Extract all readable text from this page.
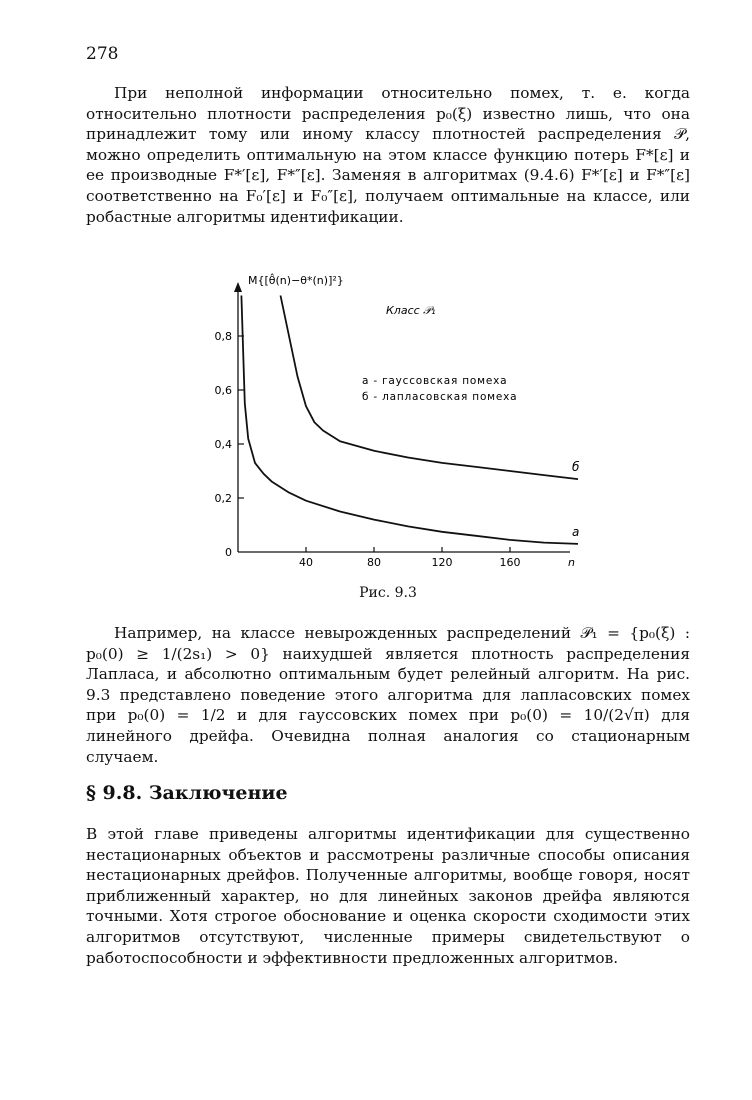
278

При неполной информации относительно помех, т. е. когда относительно плотности распределения p₀(ξ) известно лишь, что она принадлежит тому или иному классу плотностей распределения 𝒫, можно определить оптимальную на этом классе функцию потерь F*[ε] и ее производные F*′[ε], F*″[ε]. Заменяя в алгоритмах (9.4.6) F*′[ε] и F*″[ε] соответственно на F₀′[ε] и F₀″[ε], получаем оптимальные на классе, или робастные алгоритмы идентификации.

0
0,2
0,4
0,6
0,8
40	80	120	160	n
а
б
M{[θ̂(n)−θ*(n)]²}
Класс 𝒫₁
а - гауссовская помеха
б - лапласовская помеха
Рис. 9.3

Например, на классе невырожденных распределений 𝒫₁ = {p₀(ξ) : p₀(0) ≥ 1/(2s₁) > 0} наихудшей является плотность распределения Лапласа, и абсолютно оптимальным будет релейный алгоритм. На рис. 9.3 представлено поведение этого алгоритма для лапласовских помех при p₀(0) = 1/2 и для гауссовских помех при p₀(0) = 10/(2√π) для линейного дрейфа. Очевидна полная аналогия со стационарным случаем.

§ 9.8. Заключение

В этой главе приведены алгоритмы идентификации для существенно нестационарных объектов и рассмотрены различные способы описания нестационарных дрейфов. Полученные алгоритмы, вообще говоря, носят приближенный характер, но для линейных законов дрейфа являются точными. Хотя строгое обоснование и оценка скорости сходимости этих алгоритмов отсутствуют, численные примеры свидетельствуют о работоспособности и эффективности предложенных алгоритмов.
